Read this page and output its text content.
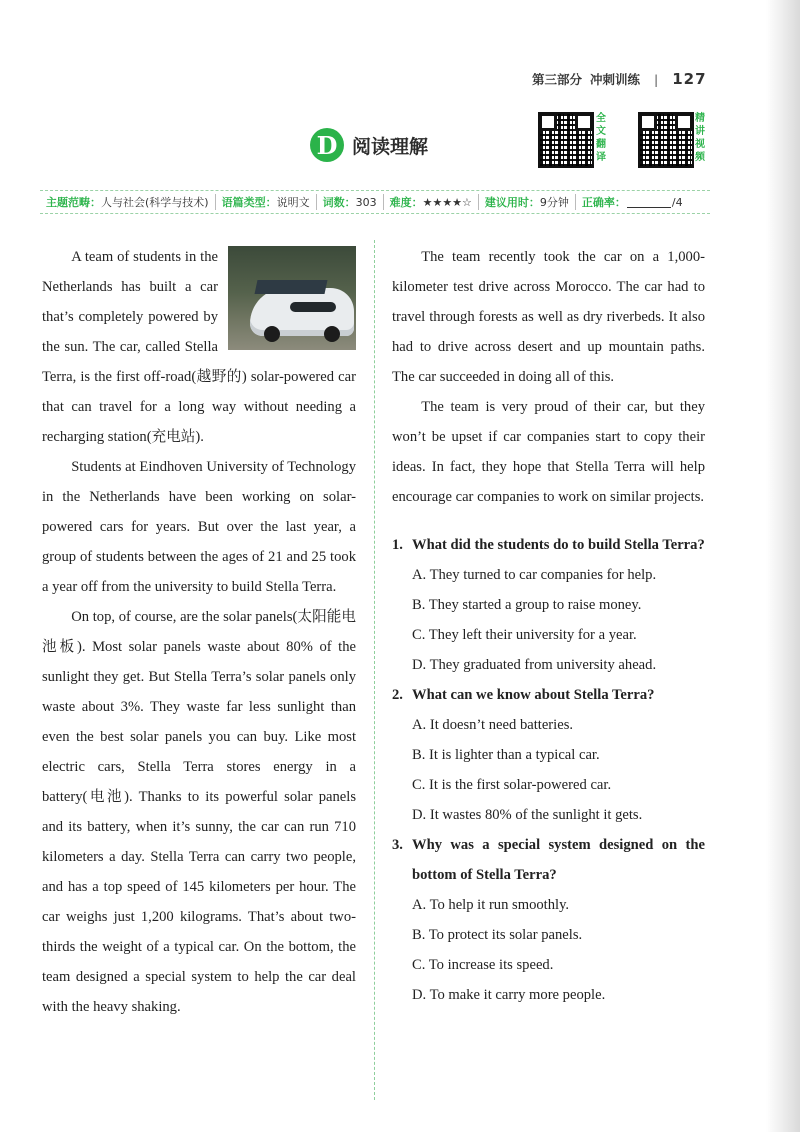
第三部分 冲刺训练 | 127
D 阅读理解
全文翻译
精讲视频
主题范畴： 人与社会(科学与技术) 语篇类型： 说明文 词数： 303 难度： ★★★★☆ 建议用时： 9分钟 正确率：	/4

A team of students in the Netherlands has built a car that’s completely powered by the sun. The car, called Stella Terra, is the first off-road(越野的) solar-powered car that can travel for a long way without needing a recharging station(充电站).

Students at Eindhoven University of Technology in the Netherlands have been working on solar-powered cars for years. But over the last year, a group of students between the ages of 21 and 25 took a year off from the university to build Stella Terra.

On top, of course, are the solar panels(太阳能电池板). Most solar panels waste about 80% of the sunlight they get. But Stella Terra’s solar panels only waste about 3%. They waste far less sunlight than even the best solar panels you can buy. Like most electric cars, Stella Terra stores energy in a battery(电池). Thanks to its powerful solar panels and its battery, when it’s sunny, the car can run 710 kilometers a day. Stella Terra can carry two people, and has a top speed of 145 kilometers per hour. The car weighs just 1,200 kilograms. That’s about two-thirds the weight of a typical car. On the bottom, the team designed a special system to help the car deal with the heavy shaking.

The team recently took the car on a 1,000-kilometer test drive across Morocco. The car had to travel through forests as well as dry riverbeds. It also had to drive across desert and up mountain paths. The car succeeded in doing all of this.

The team is very proud of their car, but they won’t be upset if car companies start to copy their ideas. In fact, they hope that Stella Terra will help encourage car companies to work on similar projects.

1. What did the students do to build Stella Terra?
A. They turned to car companies for help.
B. They started a group to raise money.
C. They left their university for a year.
D. They graduated from university ahead.
2. What can we know about Stella Terra?
A. It doesn’t need batteries.
B. It is lighter than a typical car.
C. It is the first solar-powered car.
D. It wastes 80% of the sunlight it gets.
3. Why was a special system designed on the bottom of Stella Terra?
A. To help it run smoothly.
B. To protect its solar panels.
C. To increase its speed.
D. To make it carry more people.
